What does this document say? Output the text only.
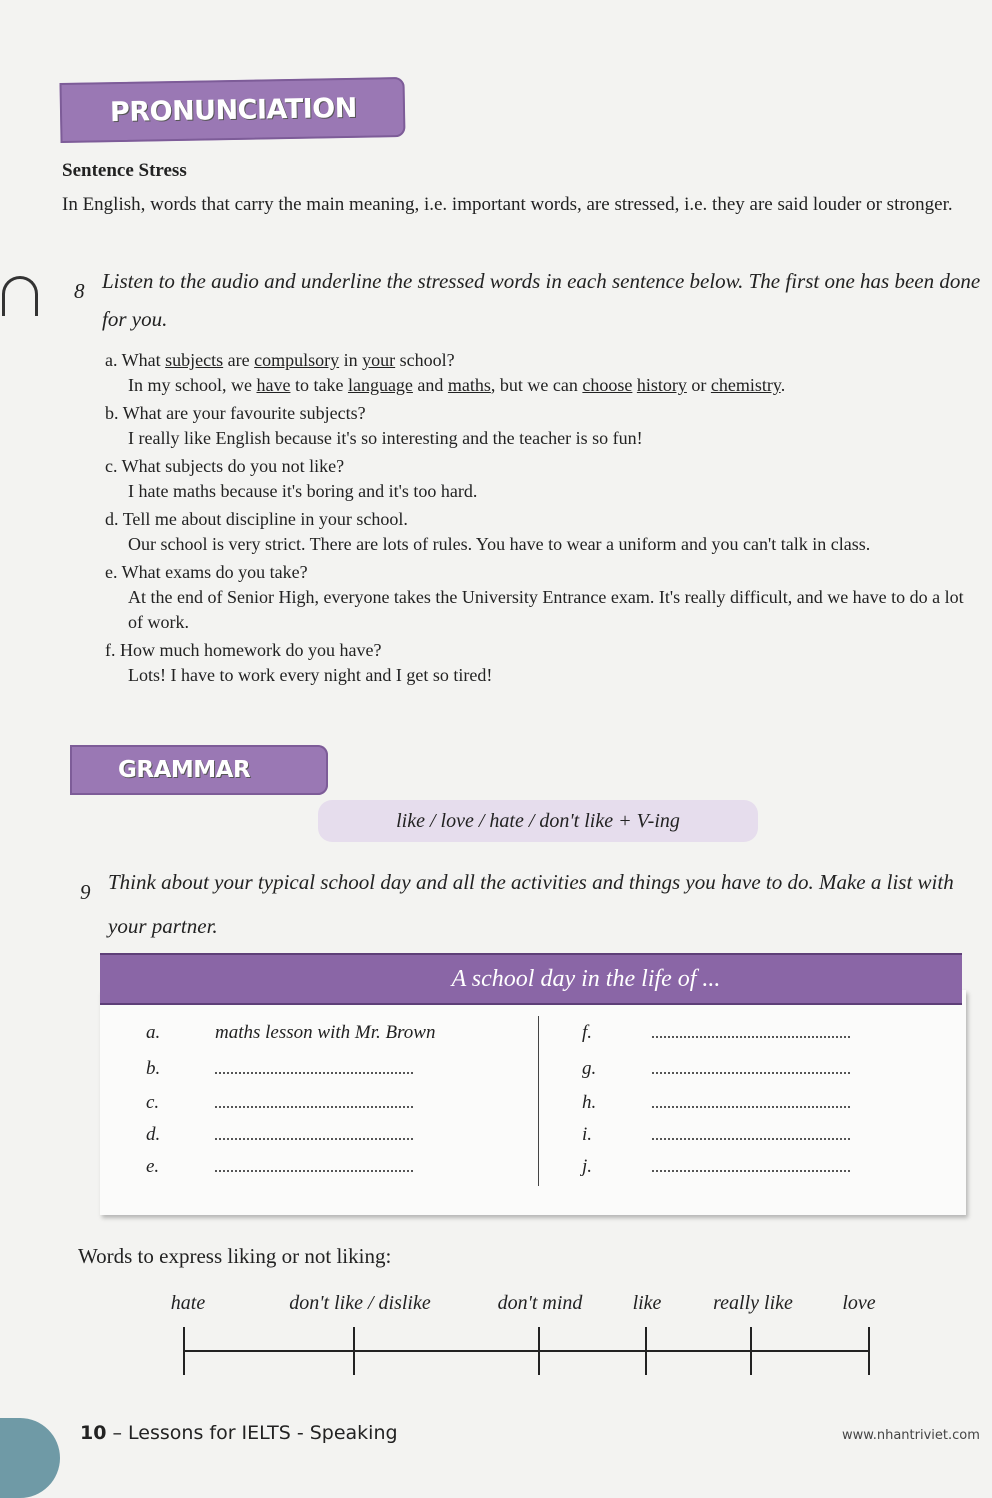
PRONUNCIATION
Sentence Stress
In English, words that carry the main meaning, i.e. important words, are stressed, i.e. they are said louder or stronger.
8 Listen to the audio and underline the stressed words in each sentence below. The first one has been done for you.
a. What subjects are compulsory in your school?
In my school, we have to take language and maths, but we can choose history or chemistry.
b. What are your favourite subjects?
I really like English because it's so interesting and the teacher is so fun!
c. What subjects do you not like?
I hate maths because it's boring and it's too hard.
d. Tell me about discipline in your school.
Our school is very strict. There are lots of rules. You have to wear a uniform and you can't talk in class.
e. What exams do you take?
At the end of Senior High, everyone takes the University Entrance exam. It's really difficult, and we have to do a lot of work.
f. How much homework do you have?
Lots! I have to work every night and I get so tired!
GRAMMAR
like / love / hate / don't like + V-ing
9 Think about your typical school day and all the activities and things you have to do. Make a list with your partner.
A school day in the life of ...
a.	maths lesson with Mr. Brown
b.
c.
d.
e.
f.
g.
h.
i.
j.
Words to express liking or not liking:
hate	don't like / dislike	don't mind	like	really like love
10 – Lessons for IELTS - Speaking	www.nhantriviet.com
